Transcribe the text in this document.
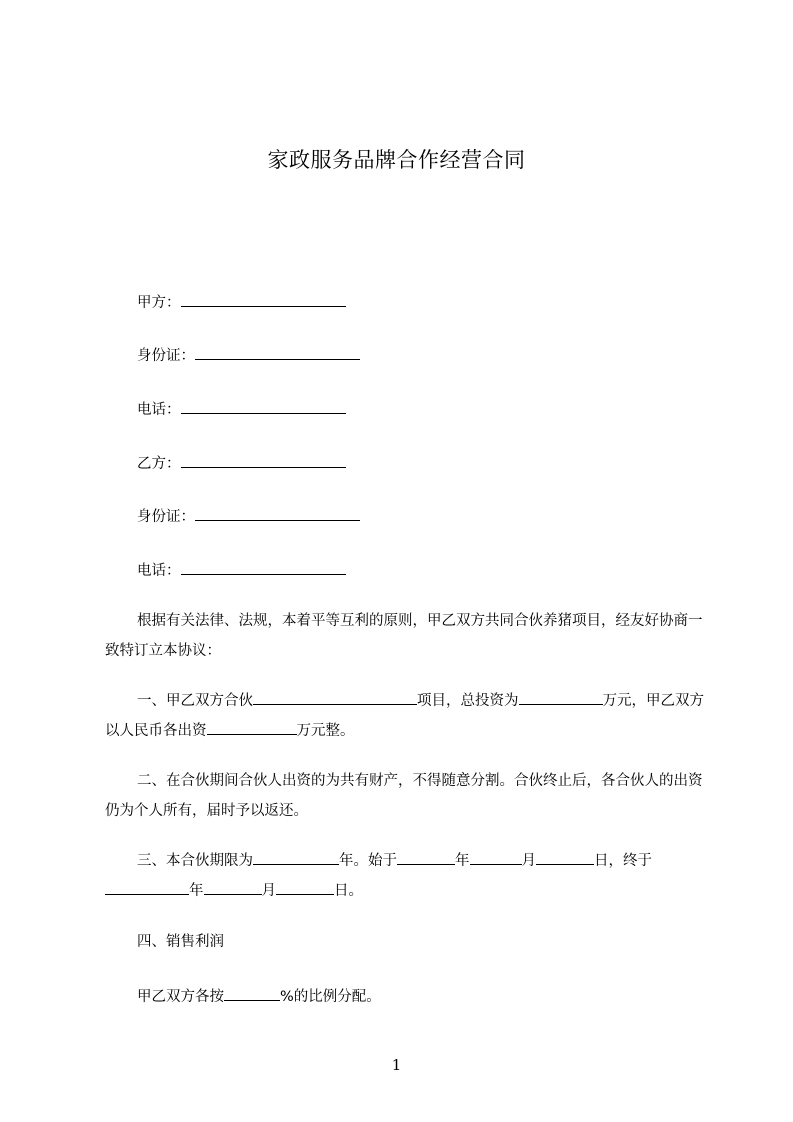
家政服务品牌合作经营合同
甲方：
身份证：
电话：
乙方：
身份证：
电话：
根据有关法律、法规，本着平等互利的原则，甲乙双方共同合伙养猪项目，经友好协商一致特订立本协议：
一、甲乙双方合伙	项目，总投资为	万元，甲乙双方以人民币各出资	万元整。
二、在合伙期间合伙人出资的为共有财产，不得随意分割。合伙终止后，各合伙人的出资仍为个人所有，届时予以返还。
三、本合伙期限为	年。始于	年	月	日，终于年	月	日。
四、销售利润
甲乙双方各按	%的比例分配。
1
